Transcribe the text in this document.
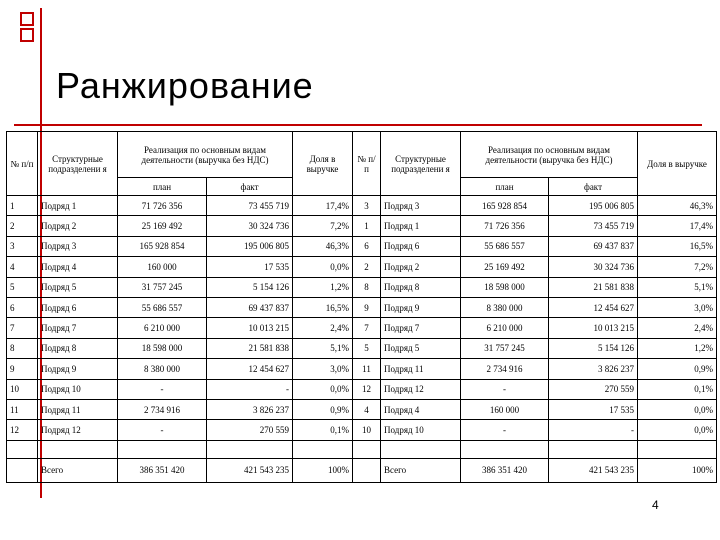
Ранжирование
№ п/п	Структурные подразделени я	Реализация по основным видам деятельности (выручка без НДС)		Доля в выручке	№ п/п	Структурные подразделени я	Реализация по основным видам деятельности (выручка без НДС)		Доля в выручке
		план	факт				план	факт	
1	Подряд 1	71 726 356	73 455 719	17,4%	3	Подряд 3	165 928 854	195 006 805	46,3%
2	Подряд 2	25 169 492	30 324 736	7,2%	1	Подряд 1	71 726 356	73 455 719	17,4%
3	Подряд 3	165 928 854	195 006 805	46,3%	6	Подряд 6	55 686 557	69 437 837	16,5%
4	Подряд 4	160 000	17 535	0,0%	2	Подряд 2	25 169 492	30 324 736	7,2%
5	Подряд 5	31 757 245	5 154 126	1,2%	8	Подряд 8	18 598 000	21 581 838	5,1%
6	Подряд 6	55 686 557	69 437 837	16,5%	9	Подряд 9	8 380 000	12 454 627	3,0%
7	Подряд 7	6 210 000	10 013 215	2,4%	7	Подряд 7	6 210 000	10 013 215	2,4%
8	Подряд 8	18 598 000	21 581 838	5,1%	5	Подряд 5	31 757 245	5 154 126	1,2%
9	Подряд 9	8 380 000	12 454 627	3,0%	11	Подряд 11	2 734 916	3 826 237	0,9%
10	Подряд 10	-	-	0,0%	12	Подряд 12	-	270 559	0,1%
11	Подряд 11	2 734 916	3 826 237	0,9%	4	Подряд 4	160 000	17 535	0,0%
12	Подряд 12	-	270 559	0,1%	10	Подряд 10	-	-	0,0%

	Всего	386 351 420	421 543 235	100%		Всего	386 351 420	421 543 235	100%
4
